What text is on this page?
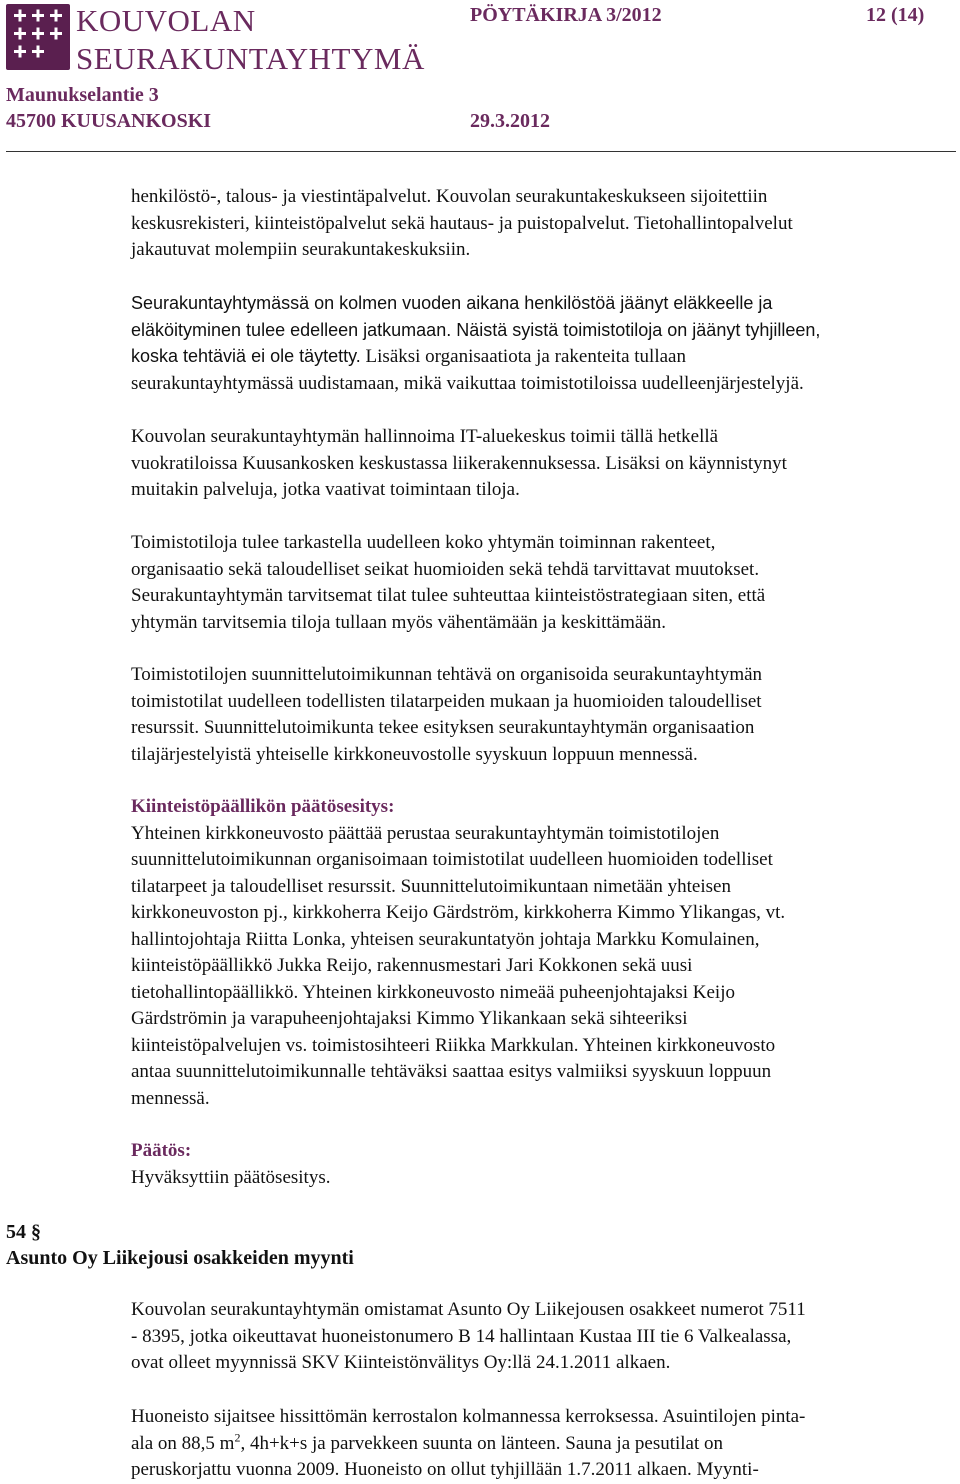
KOUVOLAN
SEURAKUNTAYHTYMÄ
PÖYTÄKIRJA 3/2012	12 (14)
Maunukselantie 3
45700 KUUSANKOSKI	29.3.2012
henkilöstö-, talous- ja viestintäpalvelut. Kouvolan seurakuntakeskukseen sijoitettiin
keskusrekisteri, kiinteistöpalvelut sekä hautaus- ja puistopalvelut. Tietohallintopalvelut
jakautuvat molempiin seurakuntakeskuksiin.
Seurakuntayhtymässä on kolmen vuoden aikana henkilöstöä jäänyt eläkkeelle ja
eläköityminen tulee edelleen jatkumaan. Näistä syistä toimistotiloja on jäänyt tyhjilleen,
koska tehtäviä ei ole täytetty. Lisäksi organisaatiota ja rakenteita tullaan
seurakuntayhtymässä uudistamaan, mikä vaikuttaa toimistotiloissa uudelleenjärjestelyjä.
Kouvolan seurakuntayhtymän hallinnoima IT-aluekeskus toimii tällä hetkellä
vuokratiloissa Kuusankosken keskustassa liikerakennuksessa. Lisäksi on käynnistynyt
muitakin palveluja, jotka vaativat toimintaan tiloja.
Toimistotiloja tulee tarkastella uudelleen koko yhtymän toiminnan rakenteet,
organisaatio sekä taloudelliset seikat huomioiden sekä tehdä tarvittavat muutokset.
Seurakuntayhtymän tarvitsemat tilat tulee suhteuttaa kiinteistöstrategiaan siten, että
yhtymän tarvitsemia tiloja tullaan myös vähentämään ja keskittämään.
Toimistotilojen suunnittelutoimikunnan tehtävä on organisoida seurakuntayhtymän
toimistotilat uudelleen todellisten tilatarpeiden mukaan ja huomioiden taloudelliset
resurssit. Suunnittelutoimikunta tekee esityksen seurakuntayhtymän organisaation
tilajärjestelyistä yhteiselle kirkkoneuvostolle syyskuun loppuun mennessä.
Kiinteistöpäällikön päätösesitys:
Yhteinen kirkkoneuvosto päättää perustaa seurakuntayhtymän toimistotilojen
suunnittelutoimikunnan organisoimaan toimistotilat uudelleen huomioiden todelliset
tilatarpeet ja taloudelliset resurssit. Suunnittelutoimikuntaan nimetään yhteisen
kirkkoneuvoston pj., kirkkoherra Keijo Gärdström, kirkkoherra Kimmo Ylikangas, vt.
hallintojohtaja Riitta Lonka, yhteisen seurakuntatyön johtaja Markku Komulainen,
kiinteistöpäällikkö Jukka Reijo, rakennusmestari Jari Kokkonen sekä uusi
tietohallintopäällikkö. Yhteinen kirkkoneuvosto nimeää puheenjohtajaksi Keijo
Gärdströmin ja varapuheenjohtajaksi Kimmo Ylikankaan sekä sihteeriksi
kiinteistöpalvelujen vs. toimistosihteeri Riikka Markkulan. Yhteinen kirkkoneuvosto
antaa suunnittelutoimikunnalle tehtäväksi saattaa esitys valmiiksi syyskuun loppuun
mennessä.
Päätös:
Hyväksyttiin päätösesitys.
54 §
Asunto Oy Liikejousi osakkeiden myynti
Kouvolan seurakuntayhtymän omistamat Asunto Oy Liikejousen osakkeet numerot 7511
- 8395, jotka oikeuttavat huoneistonumero B 14 hallintaan Kustaa III tie 6 Valkealassa,
ovat olleet myynnissä SKV Kiinteistönvälitys Oy:llä 24.1.2011 alkaen.
Huoneisto sijaitsee hissittömän kerrostalon kolmannessa kerroksessa. Asuintilojen pinta-
ala on 88,5 $m^2$, 4h+k+s ja parvekkeen suunta on länteen. Sauna ja pesutilat on
peruskorjattu vuonna 2009. Huoneisto on ollut tyhjillään 1.7.2011 alkaen. Myynti-
